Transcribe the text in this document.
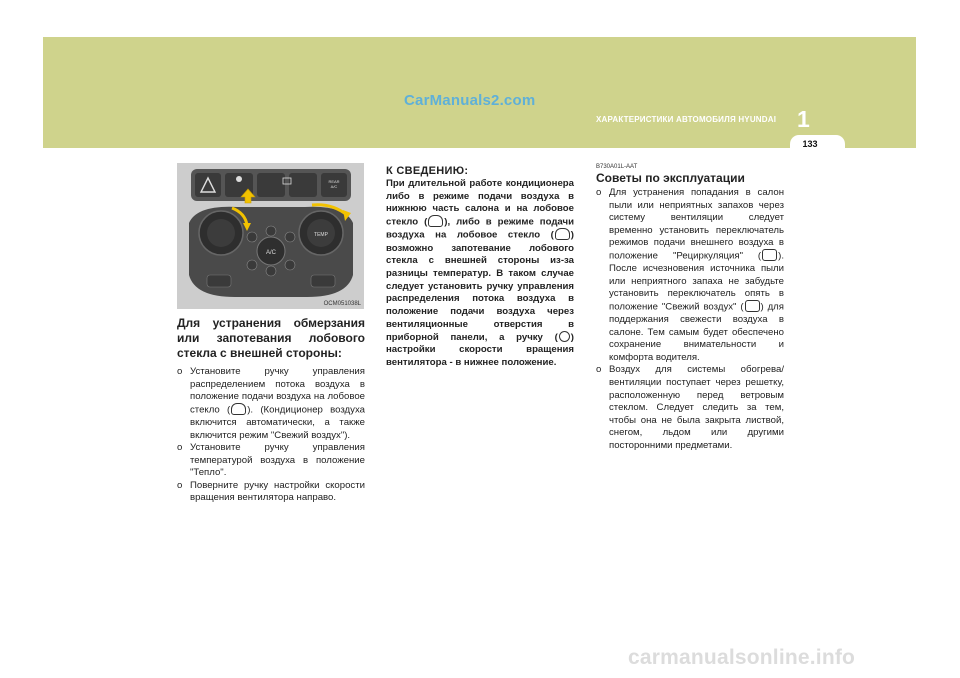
CarManuals2.com
ХАРАКТЕРИСТИКИ АВТОМОБИЛЯ HYUNDAI 1
133
REAR
A/C
TEMP
A/C
OCM051038L

Для устранения обмерзания или запотевания лобового стекла с внешней стороны:

o Установите ручку управления распределением потока воздуха в положение подачи воздуха на лобовое стекло ( ). (Кондиционер воздуха включится автоматически, а также включится режим "Свежий воздух").
o Установите ручку управления температурой воздуха в положение "Тепло".
o Поверните ручку настройки скорости вращения вентилятора направо.

К СВЕДЕНИЮ:

При длительной работе кондиционера либо в режиме подачи воздуха в нижнюю часть салона и на лобовое стекло ( ), либо в режиме подачи воздуха на лобовое стекло ( ) возможно запотевание лобового стекла с внешней стороны из-за разницы температур. В таком случае следует установить ручку управления распределения потока воздуха в положение подачи воздуха через вентиляционные отверстия в приборной панели, а ручку ( ) настройки скорости вращения вентилятора - в нижнее положение.

B730A01L-AAT

Советы по эксплуатации

o Для устранения попадания в салон пыли или неприятных запахов через систему вентиляции следует временно установить переключатель режимов подачи внешнего воздуха в положение "Рециркуляция" ( ). После исчезновения источника пыли или неприятного запаха не забудьте установить переключатель опять в положение "Свежий воздух" ( ) для поддержания свежести воздуха в салоне. Тем самым будет обеспечено сохранение внимательности и комфорта водителя.
o Воздух для системы обогрева/вентиляции поступает через решетку, расположенную перед ветровым стеклом. Следует следить за тем, чтобы она не была закрыта листвой, снегом, льдом или другими посторонними предметами.
carmanualsonline.info
